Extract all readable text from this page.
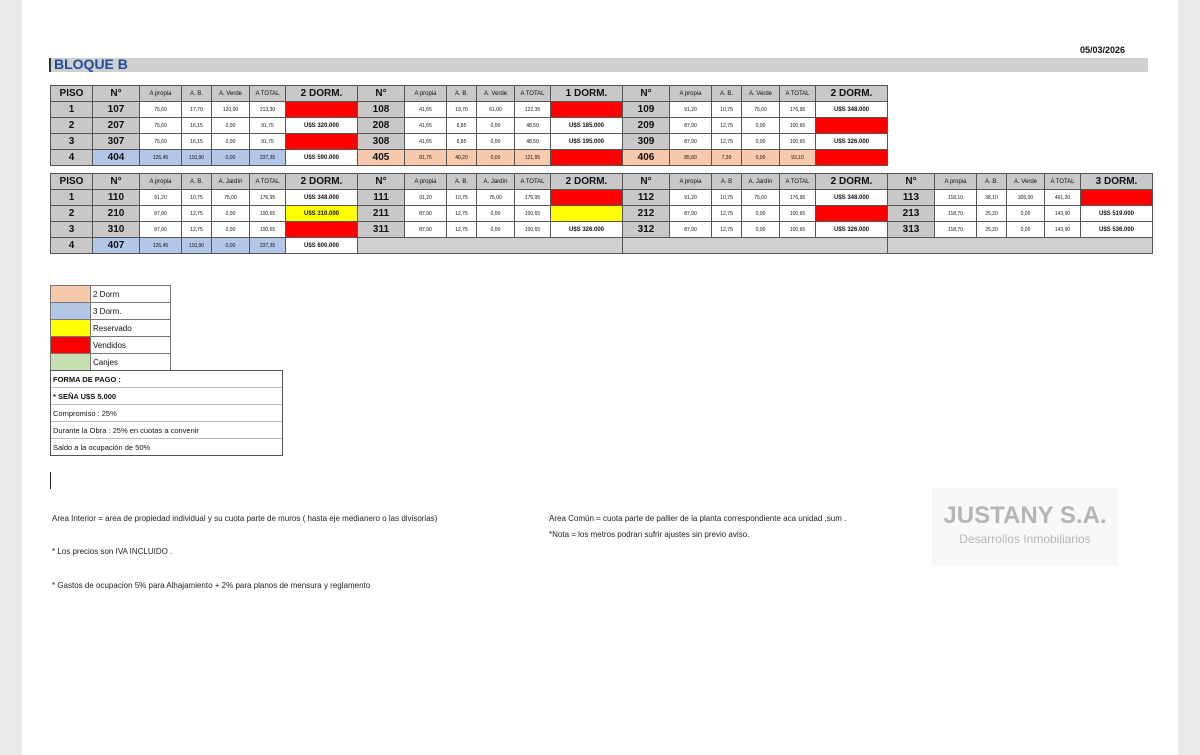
05/03/2026
BLOQUE B
PISO	N°	A propia	A. B.	A. Verde	A TOTAL	2 DORM.	N°	A propia	A. B.	A. Verde	A TOTAL	1 DORM.	N°	A propia	A. B.	A. Verde	A TOTAL	2 DORM.
1	107	75,60	17,70	120,00	213,30		108	41,65	19,70	61,00	122,35		109	91,20	10,75	75,00	176,95	U$S 348.000
2	207	75,60	16,15	0,00	91,75	U$S 320.000	208	41,65	6,85	0,00	48,50	U$S 185.000	209	87,90	12,75	0,00	100,65	
3	307	75,60	16,15	0,00	91,75		308	41,65	6,85	0,00	48,50	U$S 195.000	309	87,90	12,75	0,00	100,65	U$S 326.000
4	404	126,45	110,90	0,00	237,35	U$S 590.000	405	81,75	40,20	0,00	121,95		406	85,80	7,30	0,00	93,10	
PISO	N°	A propia	A. B.	A. Jardín	A TOTAL	2 DORM.	N°	A propia	A. B.	A. Jardín	A TOTAL	2 DORM.	N°	A propia	A. B	A. Jardín	A TOTAL	2 DORM.	N°	A propia	A. B.	A. Verde	A TOTAL	3 DORM.
1	110	91,20	10,75	75,00	176,95	U$S 348.000	111	91,20	10,75	75,00	176,95		112	91,20	10,75	75,00	176,95	U$S 348.000	113	118,10	38,10	305,00	461,20	
2	210	87,90	12,75	0,00	100,65	U$S 310.000	211	87,90	12,75	0,00	100,65		212	87,90	12,75	0,00	100,65		213	118,70	25,20	0,00	143,90	U$S 519.000
3	310	87,90	12,75	0,00	100,65		311	87,90	12,75	0,00	100,65	U$S 326.000	312	87,90	12,75	0,00	100,65	U$S 326.000	313	118,70	25,20	0,00	143,90	U$S 536.000
4	407	126,45	110,90	0,00	237,35	U$S 600.000																		
	2 Dorm
	3 Dorm.
	Reservado
	Vendidos
	Canjes
FORMA DE PAGO :
* SEÑA U$S 5.000
Compromiso : 25%
Durante la Obra : 25% en cuotas a convenir
Saldo a la ocupación de 50%
Area Interior = area de propiedad individual y su cuota parte de muros ( hasta eje medianero o las divisorias)	Area Común = cuota parte de pallier de la planta correspondiente aca unidad ,sum .
*Nota = los metros podran sufrir ajustes sin previo aviso.
* Los precios son IVA INCLUIDO .
* Gastos de ocupacion 5% para Alhajamiento + 2% para planos de mensura y reglamento
JUSTANY S.A.
Desarrollos Inmobiliarios
